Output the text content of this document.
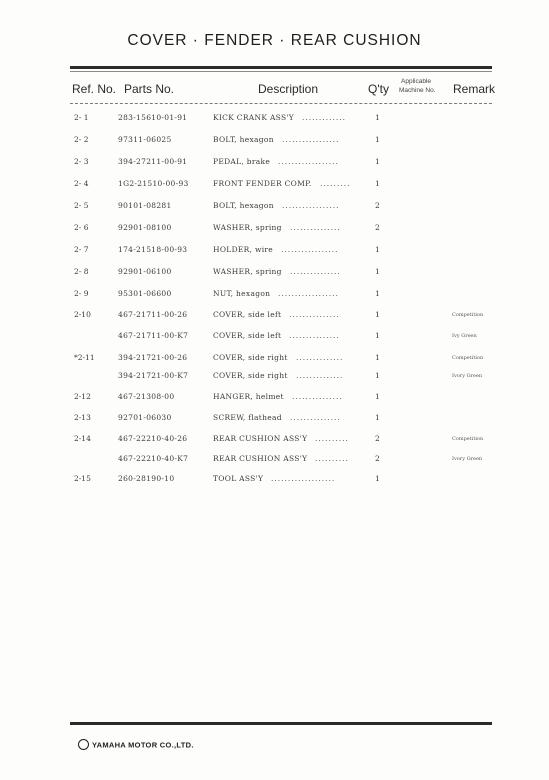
COVER · FENDER · REAR CUSHION
Ref. No. Parts No.	Description	Q'ty
Applicable
Machine No. Remark
2- 1	283-15610-01-91	KICK CRANK ASS'Y .............	1
2- 2	97311-06025	BOLT, hexagon .................	1
2- 3	394-27211-00-91	PEDAL, brake ..................	1
2- 4	1G2-21510-00-93	FRONT FENDER COMP. .........	1
2- 5	90101-08281	BOLT, hexagon .................	2
2- 6	92901-08100	WASHER, spring ...............	2
2- 7	174-21518-00-93	HOLDER, wire .................	1
2- 8	92901-06100	WASHER, spring ...............	1
2- 9	95301-06600	NUT, hexagon ..................	1
2-10	467-21711-00-26	COVER, side left ...............	1	Competition
467-21711-00-K7	COVER, side left ...............	1	Ivy Green
*2-11	394-21721-00-26	COVER, side right ..............	1	Competition
394-21721-00-K7	COVER, side right ..............	1	Ivory Green
2-12	467-21308-00	HANGER, helmet ...............	1
2-13	92701-06030	SCREW, flathead ...............	1
2-14	467-22210-40-26	REAR CUSHION ASS'Y ..........	2	Competition
467-22210-40-K7	REAR CUSHION ASS'Y ..........	2	Ivory Green
2-15	260-28190-10	TOOL ASS'Y ...................	1
YAMAHA MOTOR CO.,LTD.
